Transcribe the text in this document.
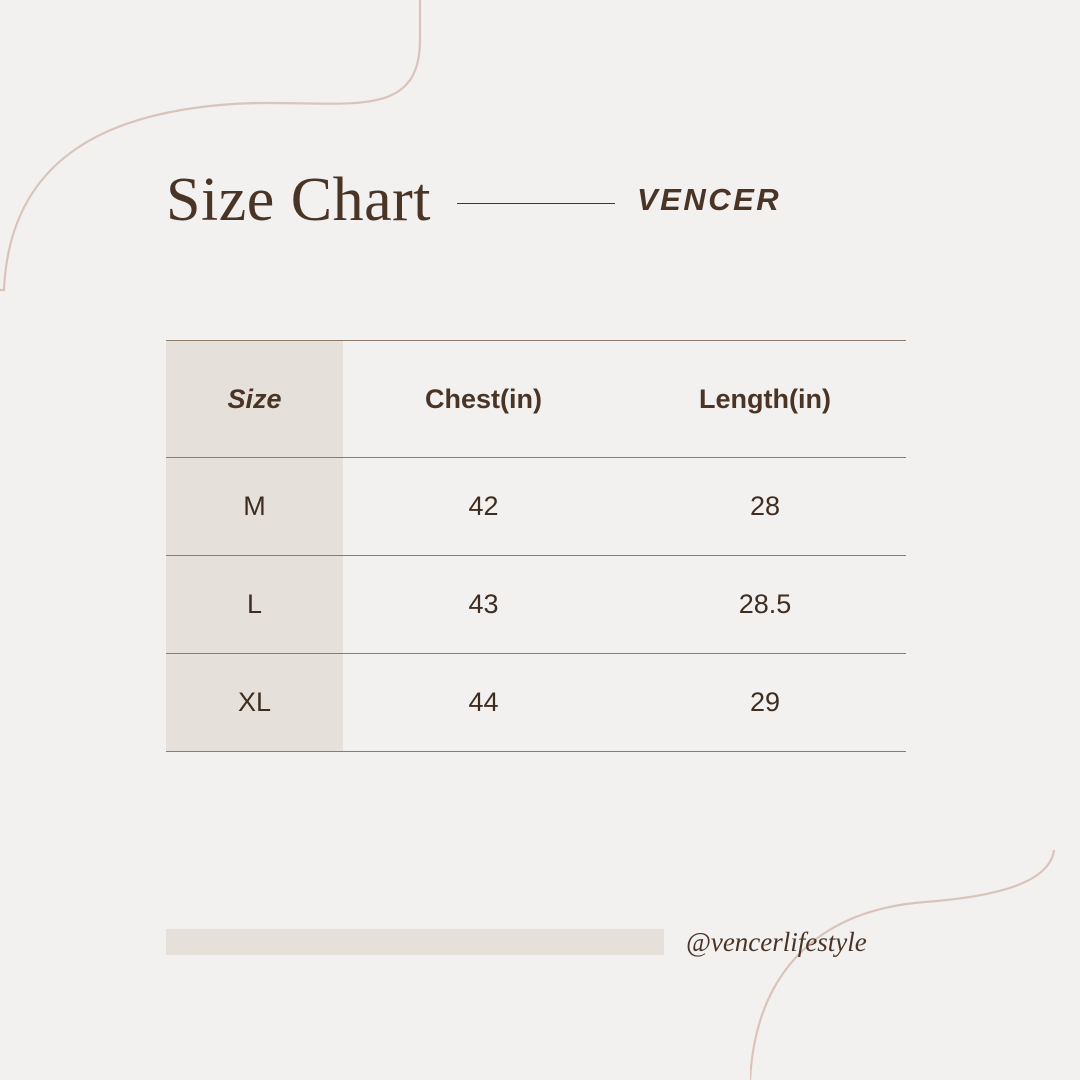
Size Chart	VENCER
Size	Chest(in)	Length(in)
M	42	28
L	43	28.5
XL	44	29
@vencerlifestyle
